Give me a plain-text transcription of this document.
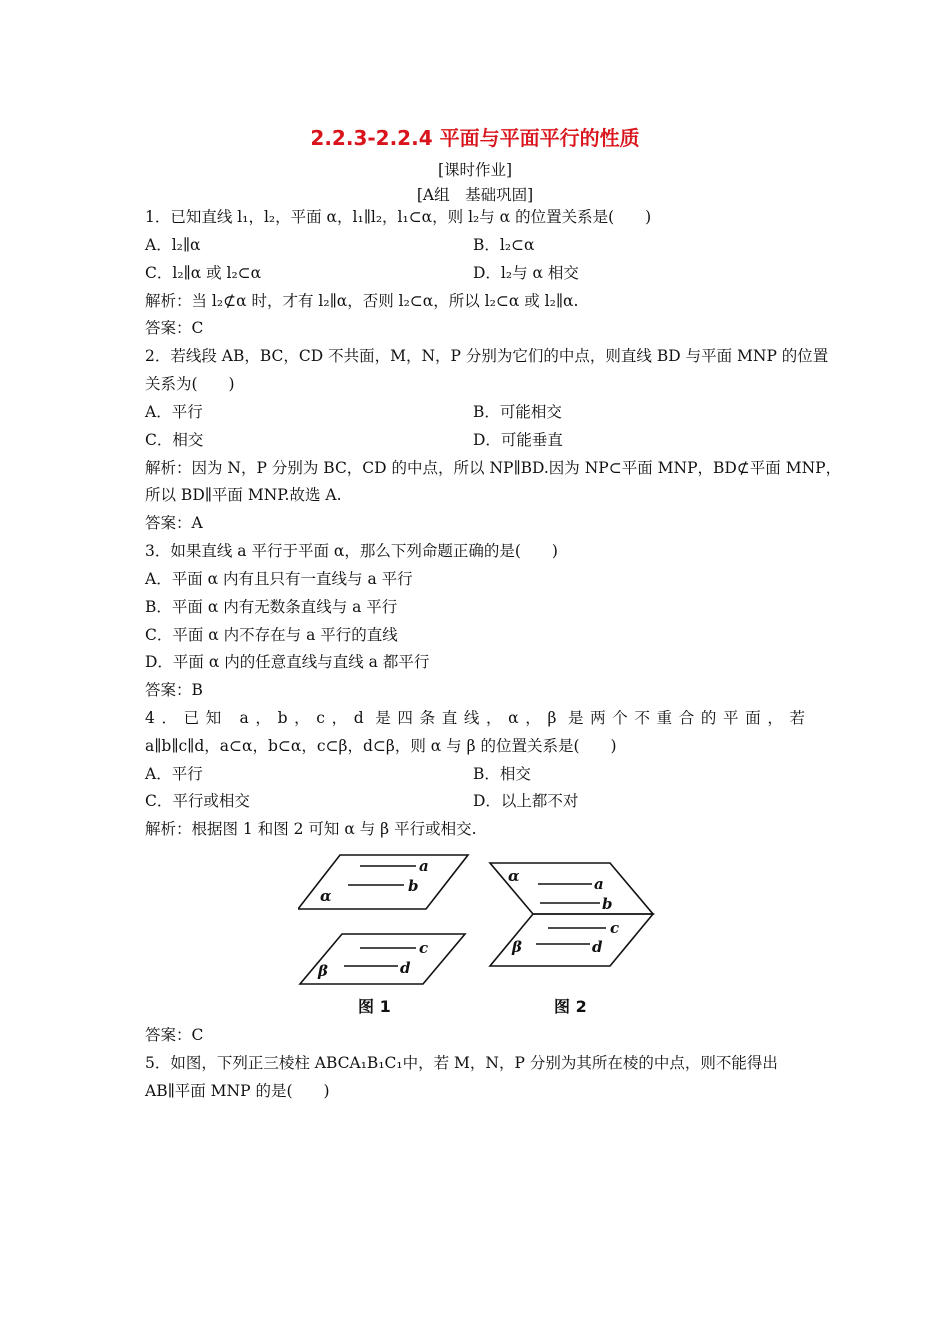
2.2.3-2.2.4 平面与平面平行的性质
[课时作业]
[A组　基础巩固]
1．已知直线 l₁，l₂，平面 α，l₁∥l₂，l₁⊂α，则 l₂与 α 的位置关系是(　　)
A．l₂∥α	B．l₂⊂α
C．l₂∥α 或 l₂⊂α	D．l₂与 α 相交
解析：当 l₂⊄α 时，才有 l₂∥α，否则 l₂⊂α，所以 l₂⊂α 或 l₂∥α.
答案：C
2．若线段 AB，BC，CD 不共面，M，N，P 分别为它们的中点，则直线 BD 与平面 MNP 的位置
关系为(　　)
A．平行	B．可能相交
C．相交	D．可能垂直
解析：因为 N，P 分别为 BC，CD 的中点，所以 NP∥BD.因为 NP⊂平面 MNP，BD⊄平面 MNP，
所以 BD∥平面 MNP.故选 A.
答案：A
3．如果直线 a 平行于平面 α，那么下列命题正确的是(　　)
A．平面 α 内有且只有一直线与 a 平行
B．平面 α 内有无数条直线与 a 平行
C．平面 α 内不存在与 a 平行的直线
D．平面 α 内的任意直线与直线 a 都平行
答案：B
4．已知 a，b，c，d 是四条直线，α，β 是两个不重合的平面，若
a∥b∥c∥d，a⊂α，b⊂α，c⊂β，d⊂β，则 α 与 β 的位置关系是(　　)
A．平行	B．相交
C．平行或相交	D．以上都不对
解析：根据图 1 和图 2 可知 α 与 β 平行或相交.
a
b
α
c
d
β
图 1
a
b
c
d
α
β
图 2
答案：C
5．如图，下列正三棱柱 ABCA₁B₁C₁中，若 M，N，P 分别为其所在棱的中点，则不能得出
AB∥平面 MNP 的是(　　)
